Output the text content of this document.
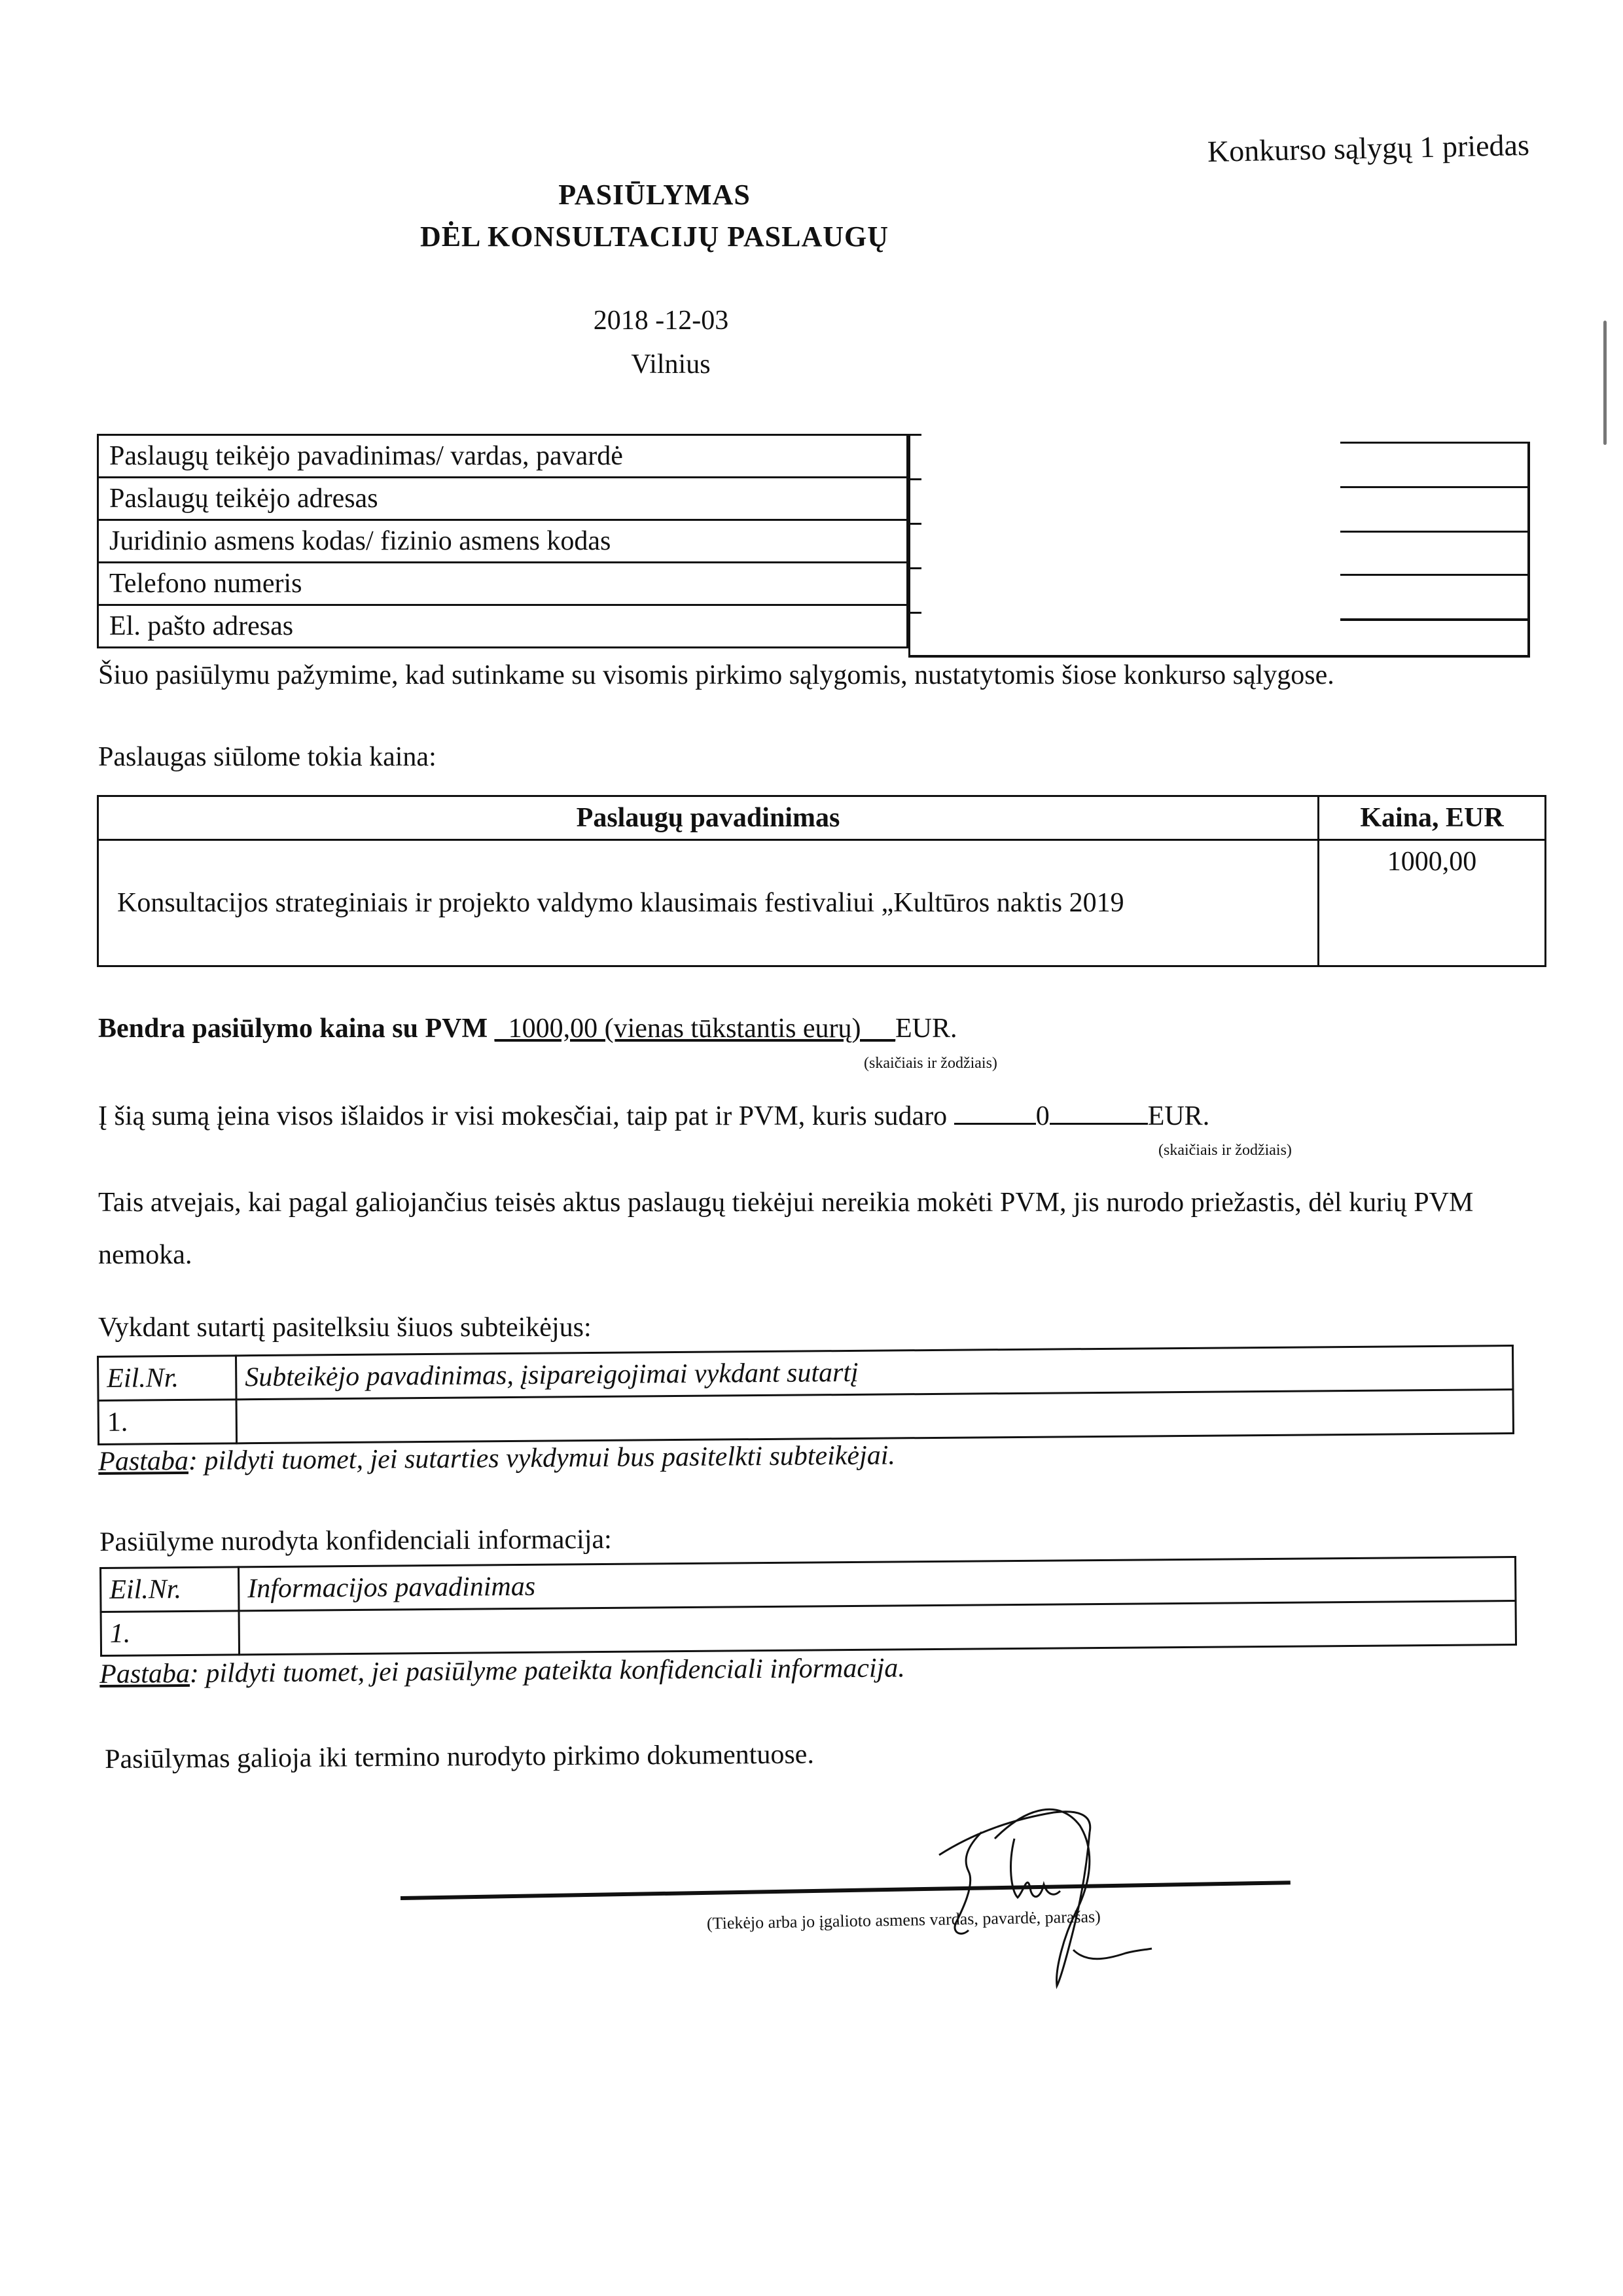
Konkurso sąlygų 1 priedas
PASIŪLYMAS
DĖL KONSULTACIJŲ PASLAUGŲ
2018 -12-03
Vilnius
Paslaugų teikėjo pavadinimas/ vardas, pavardė
Paslaugų teikėjo adresas
Juridinio asmens kodas/ fizinio asmens kodas
Telefono numeris
El. pašto adresas
Šiuo pasiūlymu pažymime, kad sutinkame su visomis pirkimo sąlygomis, nustatytomis šiose konkurso sąlygose.
Paslaugas siūlome tokia kaina:
Paslaugų pavadinimas	Kaina, EUR
Konsultacijos strateginiais ir projekto valdymo klausimais festivaliui „Kultūros naktis 2019	1000,00
Bendra pasiūlymo kaina su PVM _1000,00 (vienas tūkstantis eurų) __EUR.
(skaičiais ir žodžiais)
Į šią sumą įeina visos išlaidos ir visi mokesčiai, taip pat ir PVM, kuris sudaro	0	EUR.
(skaičiais ir žodžiais)
Tais atvejais, kai pagal galiojančius teisės aktus paslaugų tiekėjui nereikia mokėti PVM, jis nurodo priežastis, dėl kurių PVM nemoka.
Vykdant sutartį pasitelksiu šiuos subteikėjus:
Eil.Nr.	Subteikėjo pavadinimas, įsipareigojimai vykdant sutartį
1.	
Pastaba: pildyti tuomet, jei sutarties vykdymui bus pasitelkti subteikėjai.
Pasiūlyme nurodyta konfidenciali informacija:
Eil.Nr.	Informacijos pavadinimas
1.	
Pastaba: pildyti tuomet, jei pasiūlyme pateikta konfidenciali informacija.
Pasiūlymas galioja iki termino nurodyto pirkimo dokumentuose.
(Tiekėjo arba jo įgalioto asmens vardas, pavardė, parašas)
